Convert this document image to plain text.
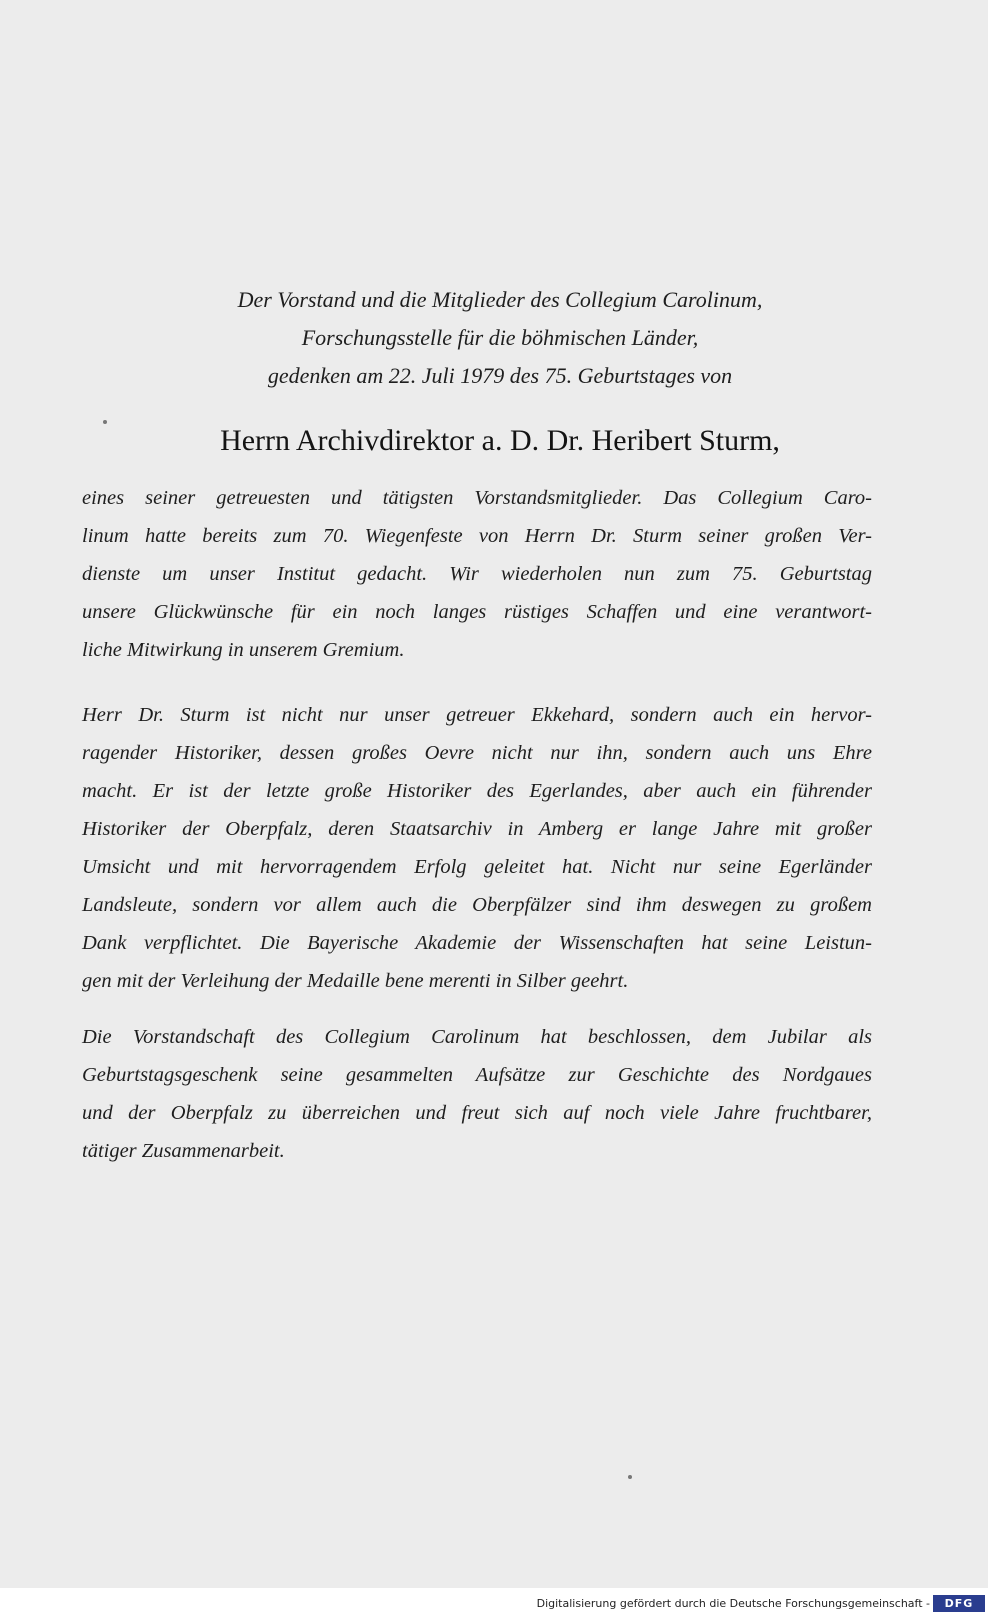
Der Vorstand und die Mitglieder des Collegium Carolinum,
Forschungsstelle für die böhmischen Länder,
gedenken am 22. Juli 1979 des 75. Geburtstages von
Herrn Archivdirektor a. D. Dr. Heribert Sturm,
eines seiner getreuesten und tätigsten Vorstandsmitglieder. Das Collegium Caro-
linum hatte bereits zum 70. Wiegenfeste von Herrn Dr. Sturm seiner großen Ver-
dienste um unser Institut gedacht. Wir wiederholen nun zum 75. Geburtstag
unsere Glückwünsche für ein noch langes rüstiges Schaffen und eine verantwort-
liche Mitwirkung in unserem Gremium.
Herr Dr. Sturm ist nicht nur unser getreuer Ekkehard, sondern auch ein hervor-
ragender Historiker, dessen großes Oevre nicht nur ihn, sondern auch uns Ehre
macht. Er ist der letzte große Historiker des Egerlandes, aber auch ein führender
Historiker der Oberpfalz, deren Staatsarchiv in Amberg er lange Jahre mit großer
Umsicht und mit hervorragendem Erfolg geleitet hat. Nicht nur seine Egerländer
Landsleute, sondern vor allem auch die Oberpfälzer sind ihm deswegen zu großem
Dank verpflichtet. Die Bayerische Akademie der Wissenschaften hat seine Leistun-
gen mit der Verleihung der Medaille bene merenti in Silber geehrt.
Die Vorstandschaft des Collegium Carolinum hat beschlossen, dem Jubilar als
Geburtstagsgeschenk seine gesammelten Aufsätze zur Geschichte des Nordgaues
und der Oberpfalz zu überreichen und freut sich auf noch viele Jahre fruchtbarer,
tätiger Zusammenarbeit.
Digitalisierung gefördert durch die Deutsche Forschungsgemeinschaft -	DFG
